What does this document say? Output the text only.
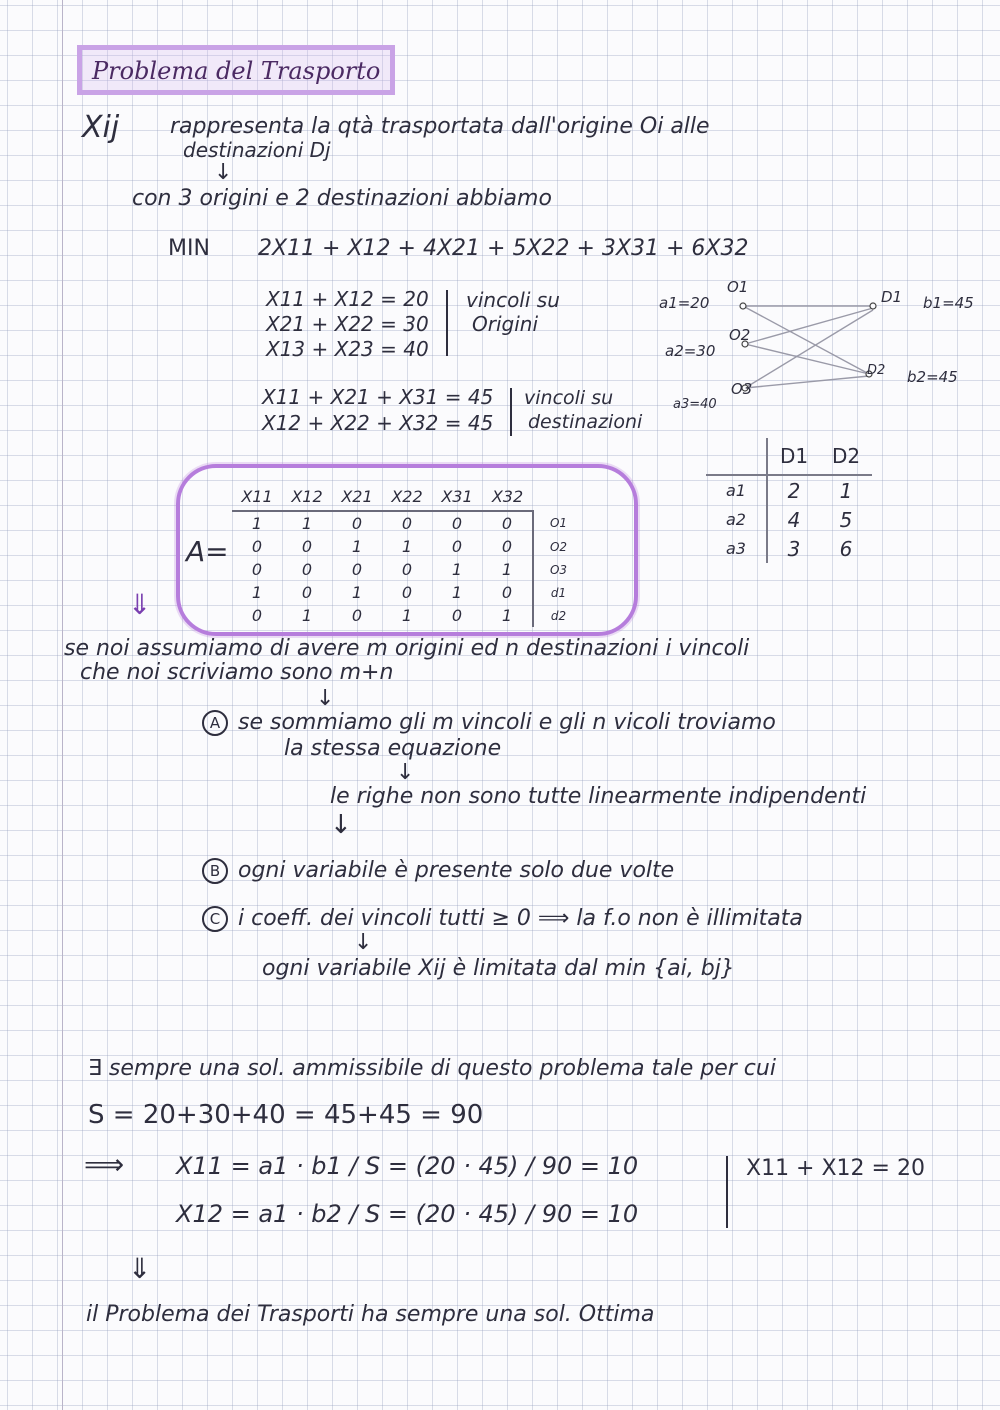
Problema del Trasporto
Xij rappresenta la qtà trasportata dall'origine Oi alle
destinazioni Dj
↓
con 3 origini e 2 destinazioni abbiamo
MIN 2X11 + X12 + 4X21 + 5X22 + 3X31 + 6X32
X11 + X12 = 20
X21 + X22 = 30
X13 + X23 = 40
vincoli su
Origini
X11 + X21 + X31 = 45
X12 + X22 + X32 = 45
vincoli su
destinazioni
a1=20
a2=30
a3=40
O1
O2
O3
D1
D2
b1=45
b2=45
A=
X11	X12	X21	X22	X31	X32	
1	1	0	0	0	0	O1
0	0	1	1	0	0	O2
0	0	0	0	1	1	O3
1	0	1	0	1	0	d1
0	1	0	1	0	1	d2
	D1	D2
a1	2	1
a2	4	5
a3	3	6
⇓
se noi assumiamo di avere m origini ed n destinazioni i vincoli
che noi scriviamo sono m+n
↓
A se sommiamo gli m vincoli e gli n vicoli troviamo
la stessa equazione
↓
le righe non sono tutte linearmente indipendenti
↓
B ogni variabile è presente solo due volte
C i coeff. dei vincoli tutti ≥ 0 ⟹ la f.o non è illimitata
↓
ogni variabile Xij è limitata dal min {ai, bj}
∃ sempre una sol. ammissibile di questo problema tale per cui
S = 20+30+40 = 45+45 = 90
⟹ X11 = a1 · b1 / S = (20 · 45) / 90 = 10
X12 = a1 · b2 / S = (20 · 45) / 90 = 10
X11 + X12 = 20
⇓
il Problema dei Trasporti ha sempre una sol. Ottima
